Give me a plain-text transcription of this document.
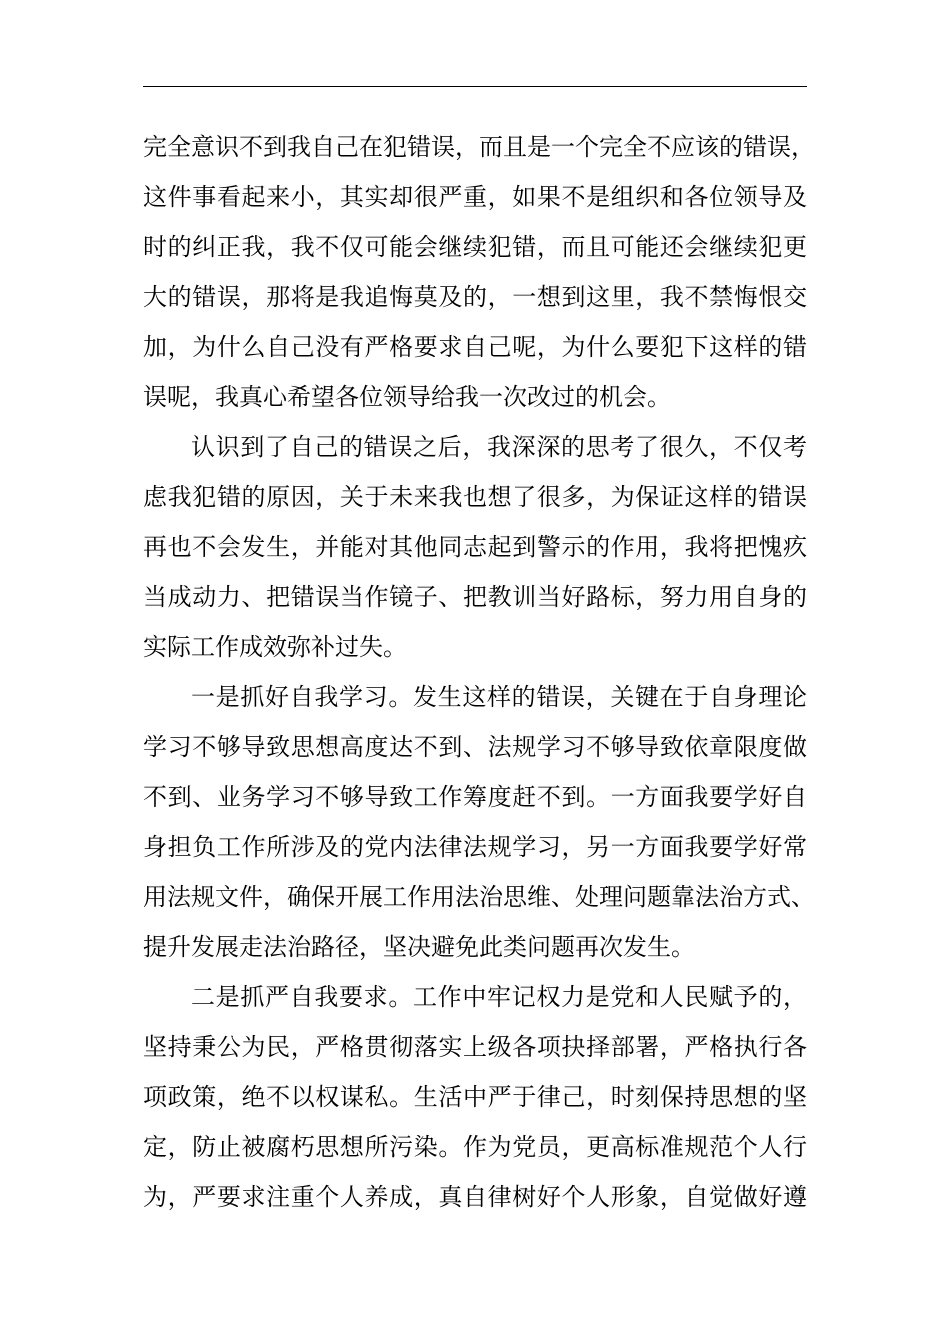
完全意识不到我自己在犯错误，而且是一个完全不应该的错误，
这件事看起来小，其实却很严重，如果不是组织和各位领导及
时的纠正我，我不仅可能会继续犯错，而且可能还会继续犯更
大的错误，那将是我追悔莫及的，一想到这里，我不禁悔恨交
加，为什么自己没有严格要求自己呢，为什么要犯下这样的错
误呢，我真心希望各位领导给我一次改过的机会。
认识到了自己的错误之后，我深深的思考了很久，不仅考
虑我犯错的原因，关于未来我也想了很多，为保证这样的错误
再也不会发生，并能对其他同志起到警示的作用，我将把愧疚
当成动力、把错误当作镜子、把教训当好路标，努力用自身的
实际工作成效弥补过失。
一是抓好自我学习。发生这样的错误，关键在于自身理论
学习不够导致思想高度达不到、法规学习不够导致依章限度做
不到、业务学习不够导致工作筹度赶不到。一方面我要学好自
身担负工作所涉及的党内法律法规学习，另一方面我要学好常
用法规文件，确保开展工作用法治思维、处理问题靠法治方式、
提升发展走法治路径，坚决避免此类问题再次发生。
二是抓严自我要求。工作中牢记权力是党和人民赋予的，
坚持秉公为民，严格贯彻落实上级各项抉择部署，严格执行各
项政策，绝不以权谋私。生活中严于律己，时刻保持思想的坚
定，防止被腐朽思想所污染。作为党员，更高标准规范个人行
为，严要求注重个人养成，真自律树好个人形象，自觉做好遵
